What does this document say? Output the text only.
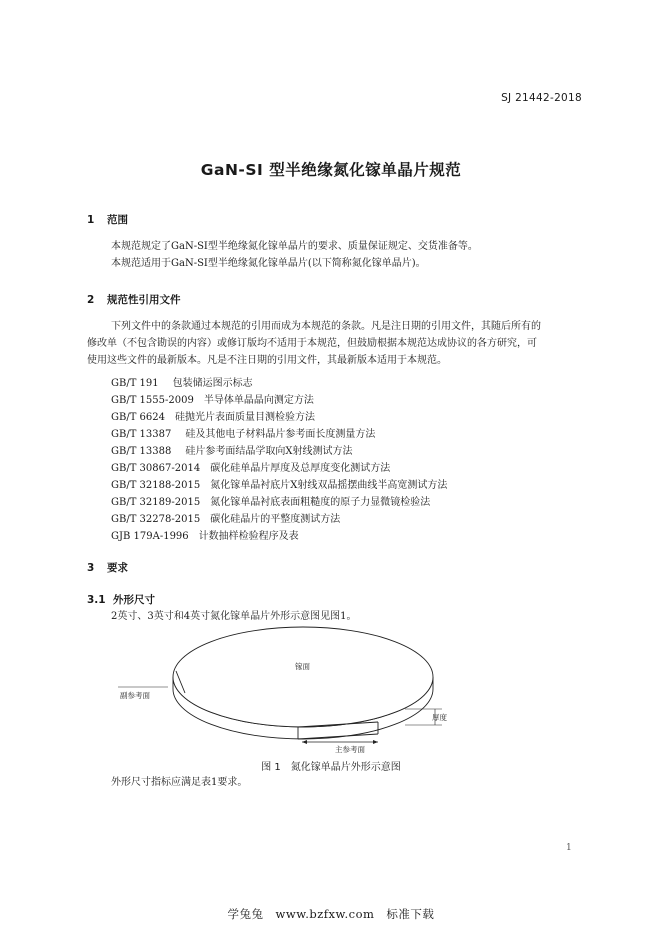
SJ 21442-2018
GaN-SI 型半绝缘氮化镓单晶片规范
1 范围
本规范规定了GaN-SI型半绝缘氮化镓单晶片的要求、质量保证规定、交货准备等。
本规范适用于GaN-SI型半绝缘氮化镓单晶片(以下简称氮化镓单晶片)。
2 规范性引用文件
下列文件中的条款通过本规范的引用而成为本规范的条款。凡是注日期的引用文件，其随后所有的
修改单（不包含勘误的内容）或修订版均不适用于本规范，但鼓励根据本规范达成协议的各方研究，可
使用这些文件的最新版本。凡是不注日期的引用文件，其最新版本适用于本规范。
GB/T 191 包装储运图示标志
GB/T 1555-2009 半导体单晶晶向测定方法
GB/T 6624 硅抛光片表面质量目测检验方法
GB/T 13387 硅及其他电子材料晶片参考面长度测量方法
GB/T 13388 硅片参考面结晶学取向X射线测试方法
GB/T 30867-2014 碳化硅单晶片厚度及总厚度变化测试方法
GB/T 32188-2015 氮化镓单晶衬底片X射线双晶摇摆曲线半高宽测试方法
GB/T 32189-2015 氮化镓单晶衬底表面粗糙度的原子力显微镜检验法
GB/T 32278-2015 碳化硅晶片的平整度测试方法
GJB 179A-1996 计数抽样检验程序及表
3 要求
3.1 外形尺寸
2英寸、3英寸和4英寸氮化镓单晶片外形示意图见图1。
镓面
副参考面
厚度
主参考面
图 1　氮化镓单晶片外形示意图
外形尺寸指标应满足表1要求。
1
学兔兔　www.bzfxw.com　标准下载
